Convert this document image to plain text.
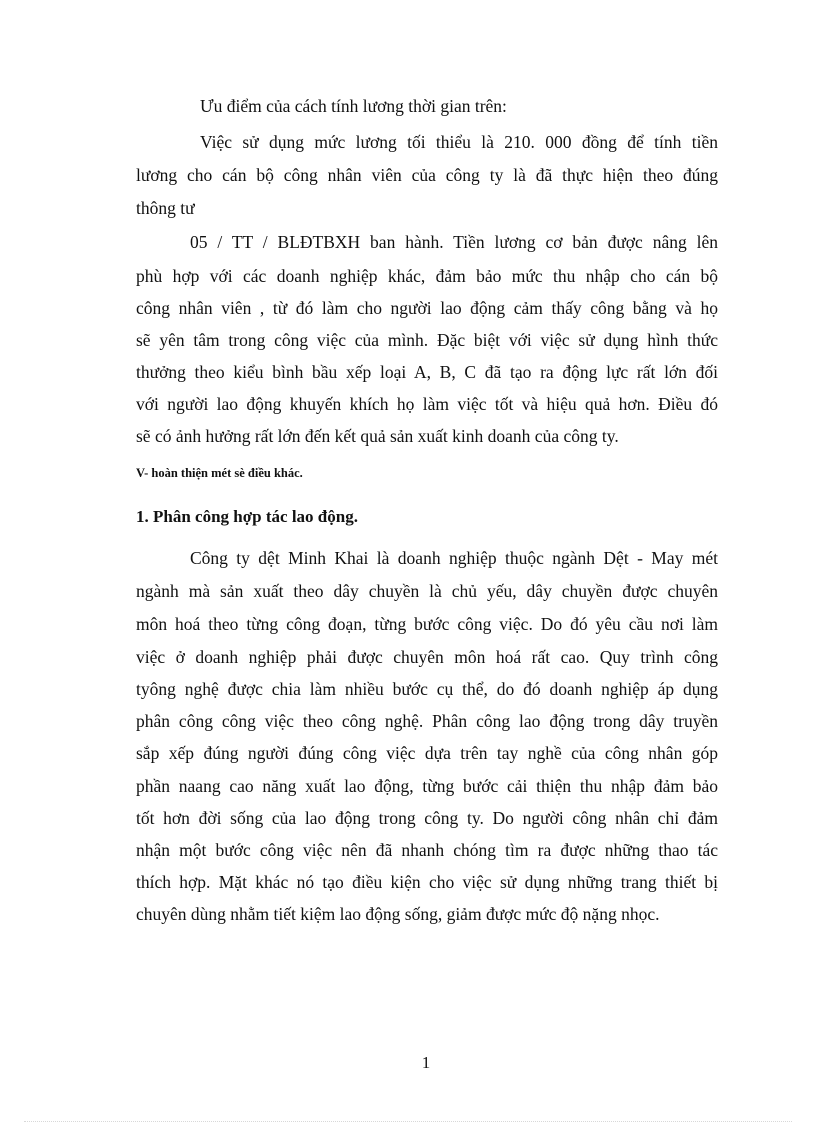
Ưu điểm của cách tính lương thời gian trên:

Việc sử dụng mức lương tối thiểu là 210. 000 đồng để tính tiền

lương cho cán bộ công nhân viên của công ty là đã thực hiện theo đúng

thông tư

05 / TT / BLĐTBXH ban hành. Tiền lương cơ bản được nâng lên

phù hợp với các doanh nghiệp khác, đảm bảo mức thu nhập cho cán bộ

công nhân viên , từ đó làm cho người lao động cảm thấy công bằng và họ

sẽ yên tâm trong công việc của mình. Đặc biệt với việc sử dụng hình thức

thưởng theo kiểu bình bầu xếp loại A, B, C đã tạo ra động lực rất lớn đối

với người lao động khuyến khích họ làm việc tốt và hiệu quả hơn. Điều đó

sẽ có ảnh hưởng rất lớn đến kết quả sản xuất kinh doanh của công ty.

V- hoàn thiện mét sè điều khác.

1. Phân công hợp tác lao động.

Công ty dệt Minh Khai là doanh nghiệp thuộc ngành Dệt - May mét

ngành mà sản xuất theo dây chuyền là chủ yếu, dây chuyền được chuyên

môn hoá theo từng công đoạn, từng bước công việc. Do đó yêu cầu nơi làm

việc ở doanh nghiệp phải được chuyên môn hoá rất cao. Quy trình công

tyông nghệ được chia làm nhiều bước cụ thể, do đó doanh nghiệp áp dụng

phân công công việc theo công nghệ. Phân công lao động trong dây truyền

sắp xếp đúng người đúng công việc dựa trên tay nghề của công nhân góp

phần naang cao năng xuất lao động, từng bước cải thiện thu nhập đảm bảo

tốt hơn đời sống của lao động trong công ty. Do người công nhân chỉ đảm

nhận một bước công việc nên đã nhanh chóng tìm ra được những thao tác

thích hợp. Mặt khác nó tạo điều kiện cho việc sử dụng những trang thiết bị

chuyên dùng nhằm tiết kiệm lao động sống, giảm được mức độ nặng nhọc.

1
